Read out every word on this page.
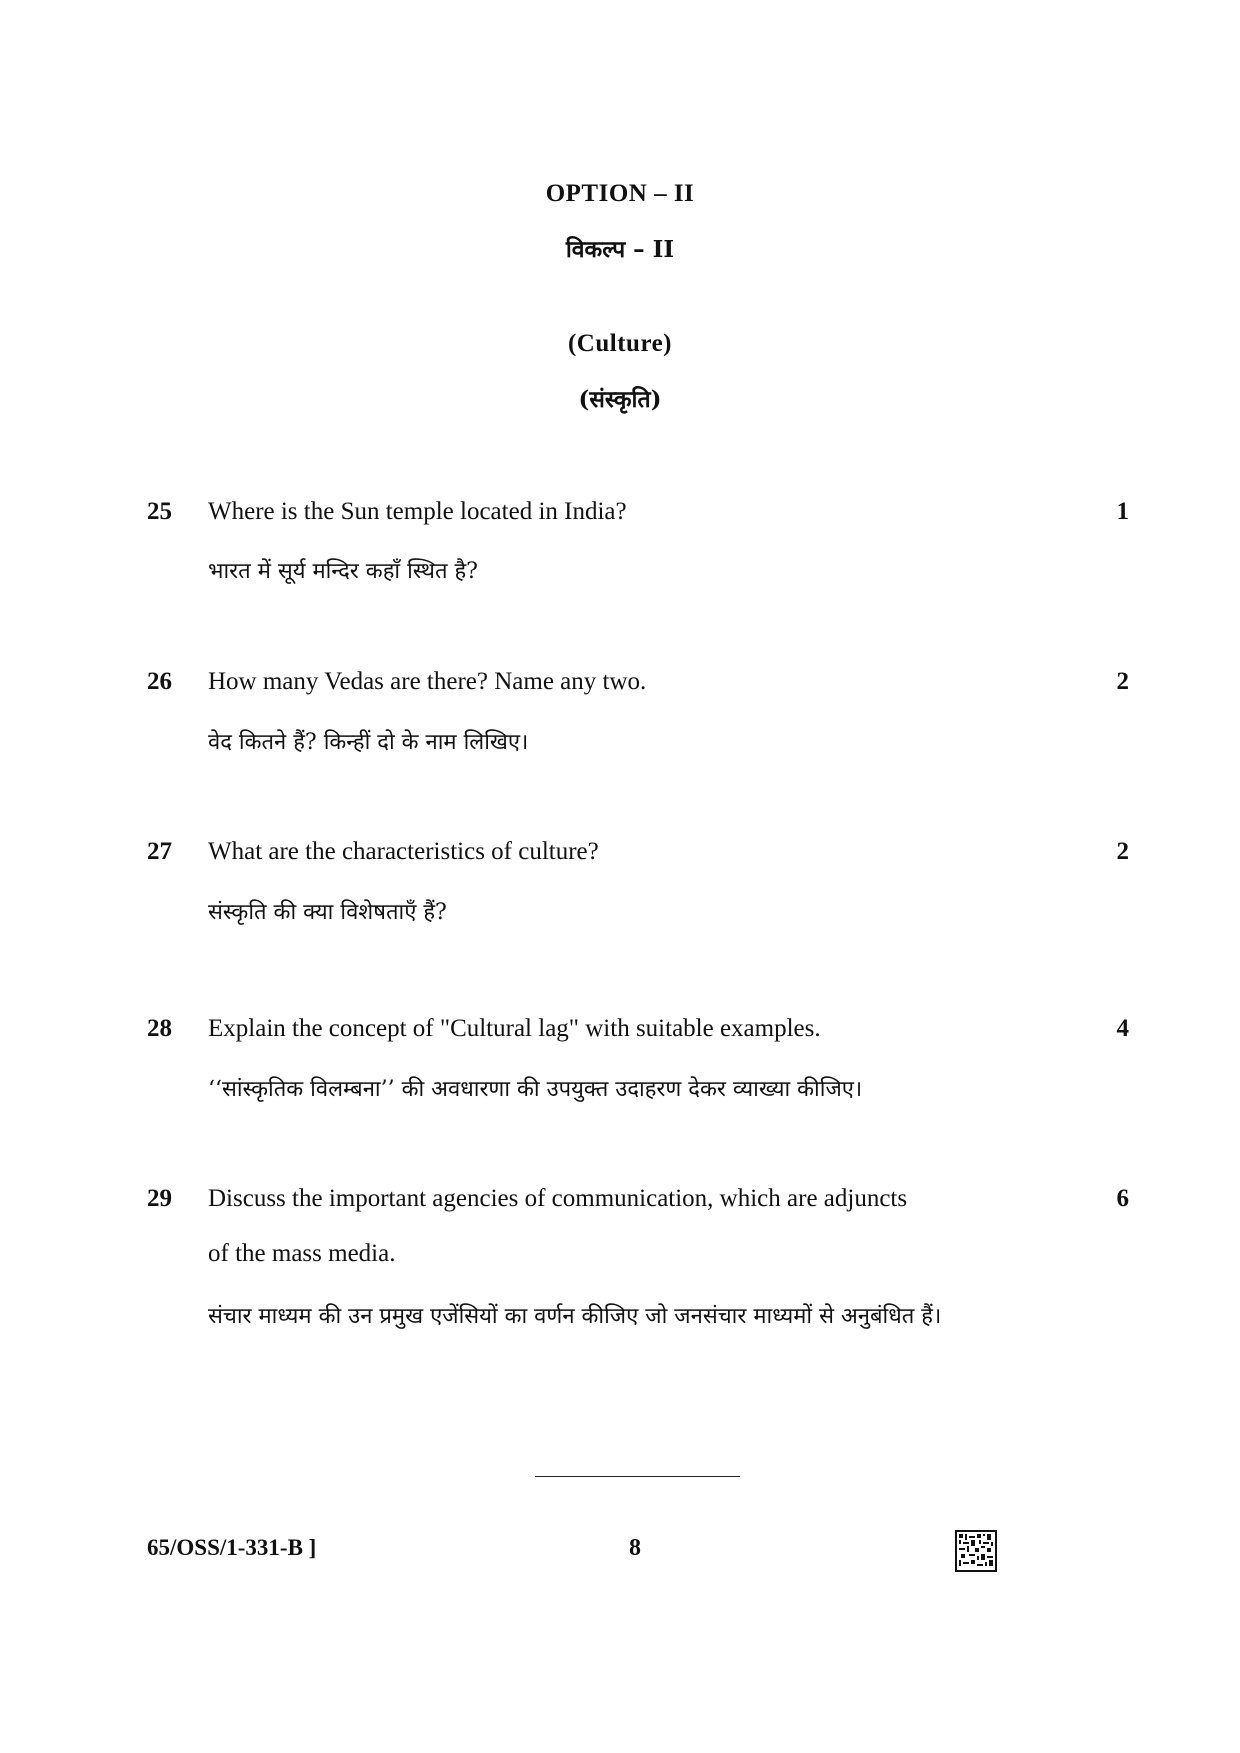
OPTION – II
विकल्प – II
(Culture)
(संस्कृति)
25 Where is the Sun temple located in India?	1
भारत में सूर्य मन्दिर कहाँ स्थित है?
26 How many Vedas are there? Name any two.	2
वेद कितने हैं? किन्हीं दो के नाम लिखिए।
27 What are the characteristics of culture?	2
संस्कृति की क्या विशेषताएँ हैं?
28 Explain the concept of "Cultural lag" with suitable examples.	4
‘‘सांस्कृतिक विलम्बना’’ की अवधारणा की उपयुक्त उदाहरण देकर व्याख्या कीजिए।
29 Discuss the important agencies of communication, which are adjuncts	6
of the mass media.
संचार माध्यम की उन प्रमुख एजेंसियों का वर्णन कीजिए जो जनसंचार माध्यमों से अनुबंधित हैं।
65/OSS/1-331-B ]	8
